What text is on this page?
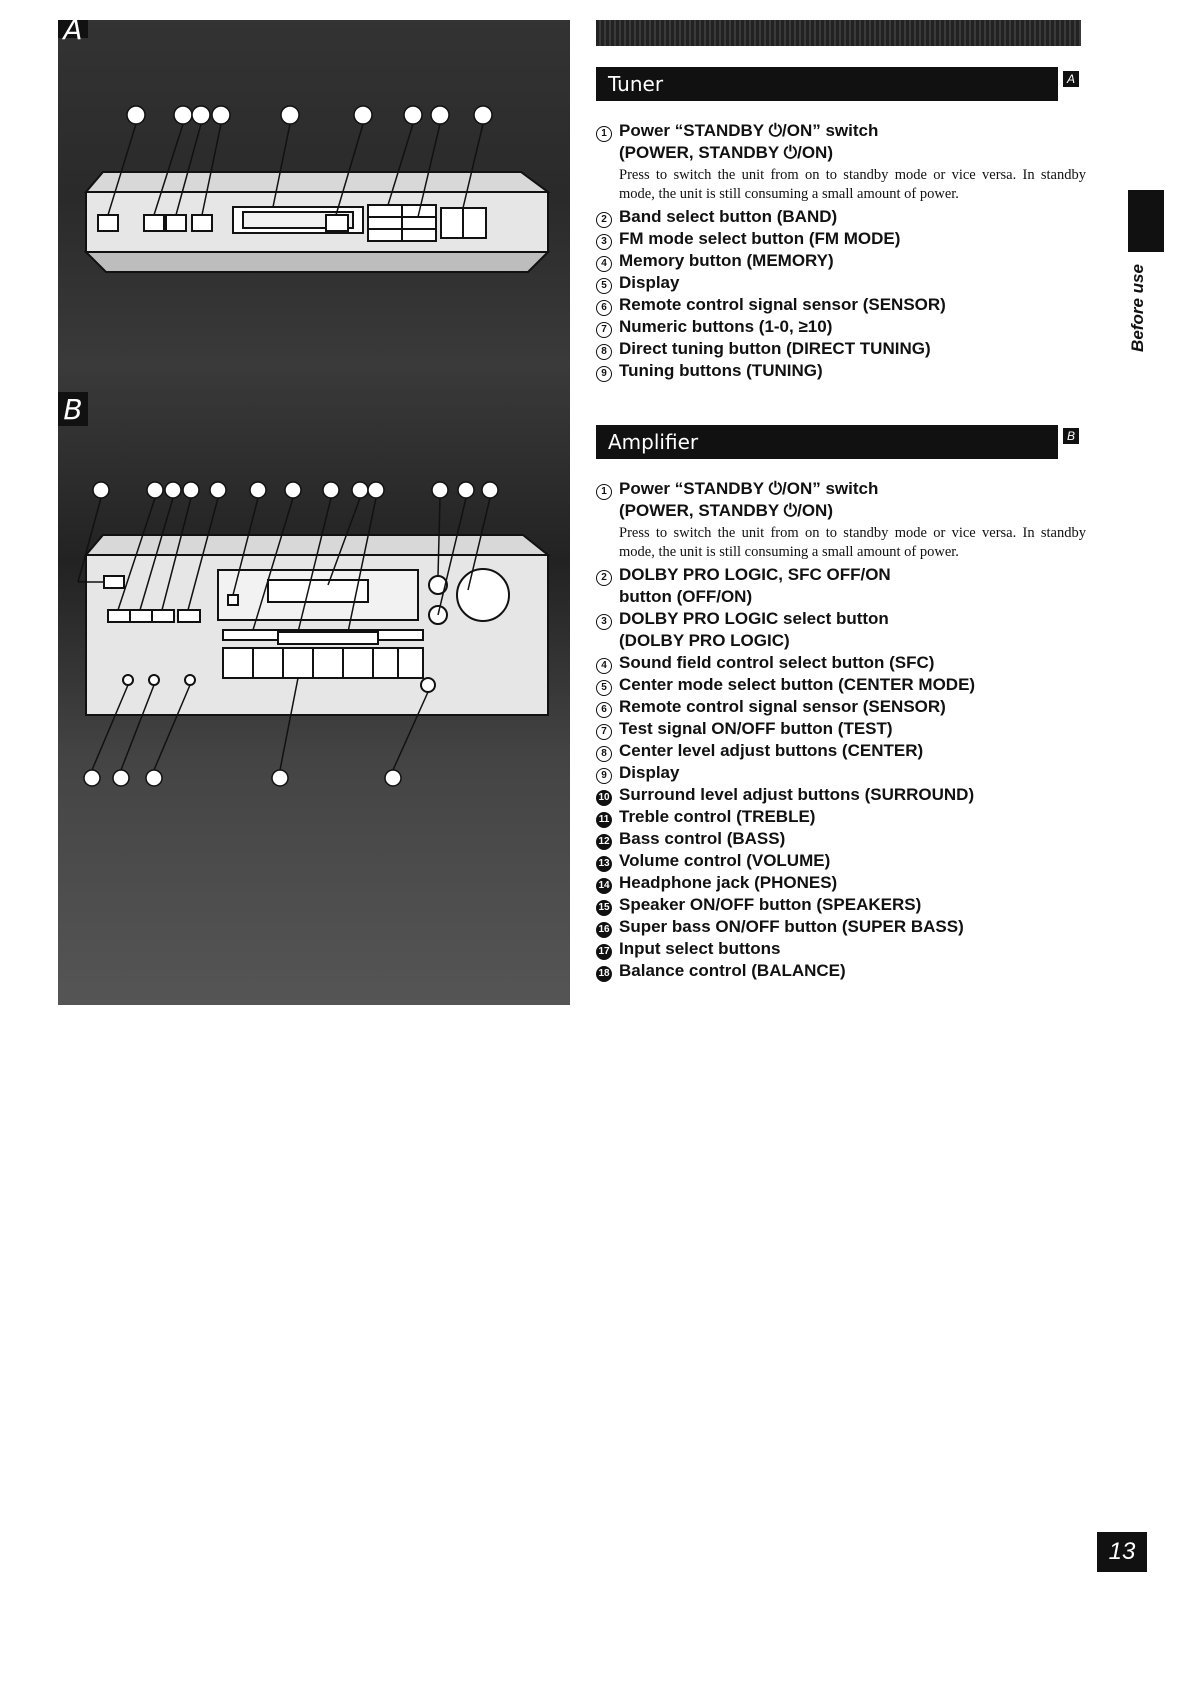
A
B
Tuner	A
1 Power “STANDBY ⏻/ON” switch
(POWER, STANDBY ⏻/ON)
Press to switch the unit from on to standby mode or vice versa. In standby mode, the unit is still consuming a small amount of power.
2 Band select button (BAND)
3 FM mode select button (FM MODE)
4 Memory button (MEMORY)
5 Display
6 Remote control signal sensor (SENSOR)
7 Numeric buttons (1-0, ≥10)
8 Direct tuning button (DIRECT TUNING)
9 Tuning buttons (TUNING)
Amplifier	B
1 Power “STANDBY ⏻/ON” switch
(POWER, STANDBY ⏻/ON)
Press to switch the unit from on to standby mode or vice versa. In standby mode, the unit is still consuming a small amount of power.
2 DOLBY PRO LOGIC, SFC OFF/ON
button (OFF/ON)
3 DOLBY PRO LOGIC select button
(DOLBY PRO LOGIC)
4 Sound field control select button (SFC)
5 Center mode select button (CENTER MODE)
6 Remote control signal sensor (SENSOR)
7 Test signal ON/OFF button (TEST)
8 Center level adjust buttons (CENTER)
9 Display
10 Surround level adjust buttons (SURROUND)
11 Treble control (TREBLE)
12 Bass control (BASS)
13 Volume control (VOLUME)
14 Headphone jack (PHONES)
15 Speaker ON/OFF button (SPEAKERS)
16 Super bass ON/OFF button (SUPER BASS)
17 Input select buttons
18 Balance control (BALANCE)
Before use
13
